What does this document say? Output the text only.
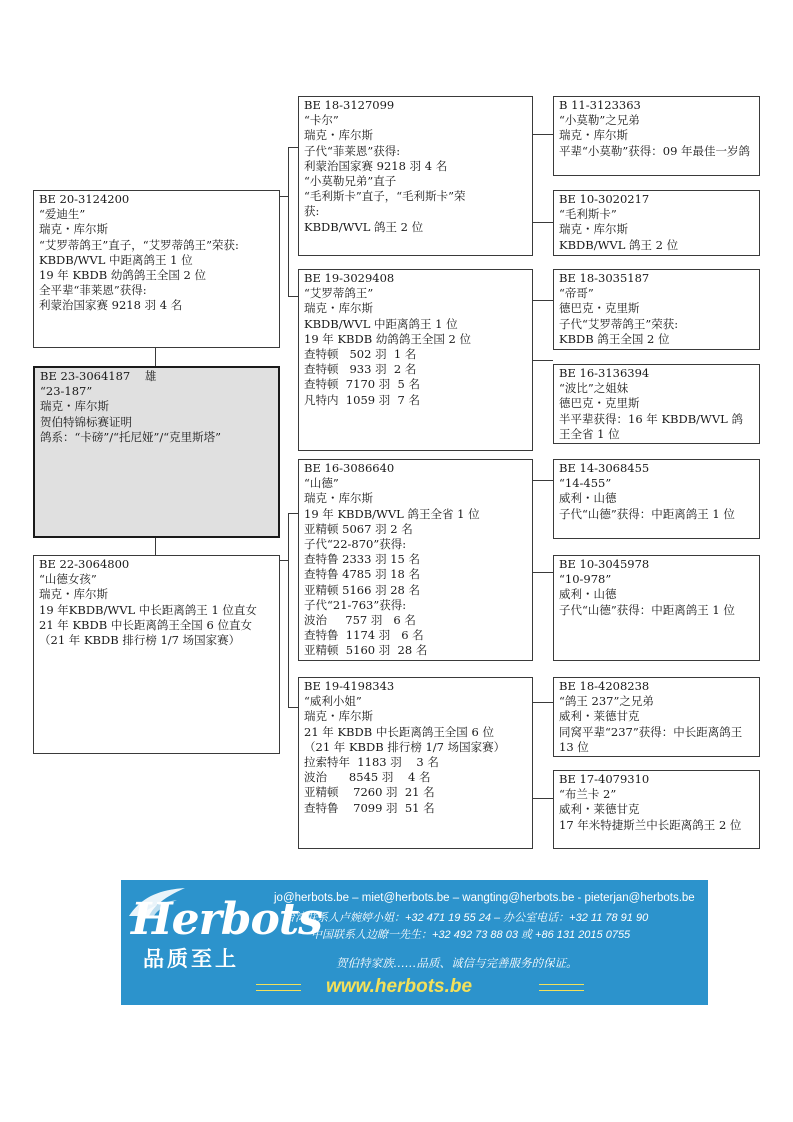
BE 20-3124200
“爱迪生”
瑞克・库尔斯
“艾罗蒂鸽王”直子，“艾罗蒂鸽王”荣获:
KBDB/WVL 中距离鸽王 1 位
19 年 KBDB 幼鸽鸽王全国 2 位
全平辈“菲莱恩”获得:
利蒙治国家赛 9218 羽 4 名
BE 23-3064187    雄
“23-187”
瑞克・库尔斯
贺伯特锦标赛证明
鸽系：“卡磅”/“托尼娅”/“克里斯塔”
BE 22-3064800
“山德女孩”
瑞克・库尔斯
19 年KBDB/WVL 中长距离鸽王 1 位直女
21 年 KBDB 中长距离鸽王全国 6 位直女
（21 年 KBDB 排行榜 1/7 场国家赛）
BE 18-3127099
“卡尔”
瑞克・库尔斯
子代“菲莱恩”获得:
利蒙治国家赛 9218 羽 4 名
“小莫勒兄弟”直子
“毛利斯卡”直子，“毛利斯卡”荣
获:
KBDB/WVL 鸽王 2 位
BE 19-3029408
“艾罗蒂鸽王”
瑞克・库尔斯
KBDB/WVL 中距离鸽王 1 位
19 年 KBDB 幼鸽鸽王全国 2 位
查特顿   502 羽  1 名
查特顿   933 羽  2 名
查特顿  7170 羽  5 名
凡特内  1059 羽  7 名
BE 16-3086640
“山德”
瑞克・库尔斯
19 年 KBDB/WVL 鸽王全省 1 位
亚精顿 5067 羽 2 名
子代“22-870”获得:
查特鲁 2333 羽 15 名
查特鲁 4785 羽 18 名
亚精顿 5166 羽 28 名
子代“21-763”获得:
波治     757 羽   6 名
查特鲁  1174 羽   6 名
亚精顿  5160 羽  28 名
BE 19-4198343
“威利小姐”
瑞克・库尔斯
21 年 KBDB 中长距离鸽王全国 6 位
（21 年 KBDB 排行榜 1/7 场国家赛）
拉索特年  1183 羽    3 名
波治      8545 羽    4 名
亚精顿    7260 羽  21 名
查特鲁    7099 羽  51 名
B 11-3123363
“小莫勒”之兄弟
瑞克・库尔斯
平辈“小莫勒”获得：09 年最佳一岁鸽
BE 10-3020217
“毛利斯卡”
瑞克・库尔斯
KBDB/WVL 鸽王 2 位
BE 18-3035187
“帝哥”
德巴克・克里斯
子代“艾罗蒂鸽王”荣获:
KBDB 鸽王全国 2 位
BE 16-3136394
“波比”之姐妹
德巴克・克里斯
半平辈获得：16 年 KBDB/WVL 鸽王全省 1 位
BE 14-3068455
“14-455”
威利・山德
子代“山德”获得：中距离鸽王 1 位
BE 10-3045978
“10-978”
威利・山德
子代“山德”获得：中距离鸽王 1 位
BE 18-4208238
“鸽王 237”之兄弟
威利・莱德甘克
同窝平辈“237”获得：中长距离鸽王 13 位
BE 17-4079310
“布兰卡 2”
威利・莱德甘克
17 年米特捷斯兰中长距离鸽王 2 位
Herbots
品质至上
jo@herbots.be – miet@herbots.be – wangting@herbots.be - pieterjan@herbots.be
台湾联系人卢婉婷小姐：+32 471 19 55 24 – 办公室电话：+32 11 78 91 90
中国联系人边瞭一先生：+32 492 73 88 03 或 +86 131 2015 0755
贺伯特家族……品质、诚信与完善服务的保证。
www.herbots.be
